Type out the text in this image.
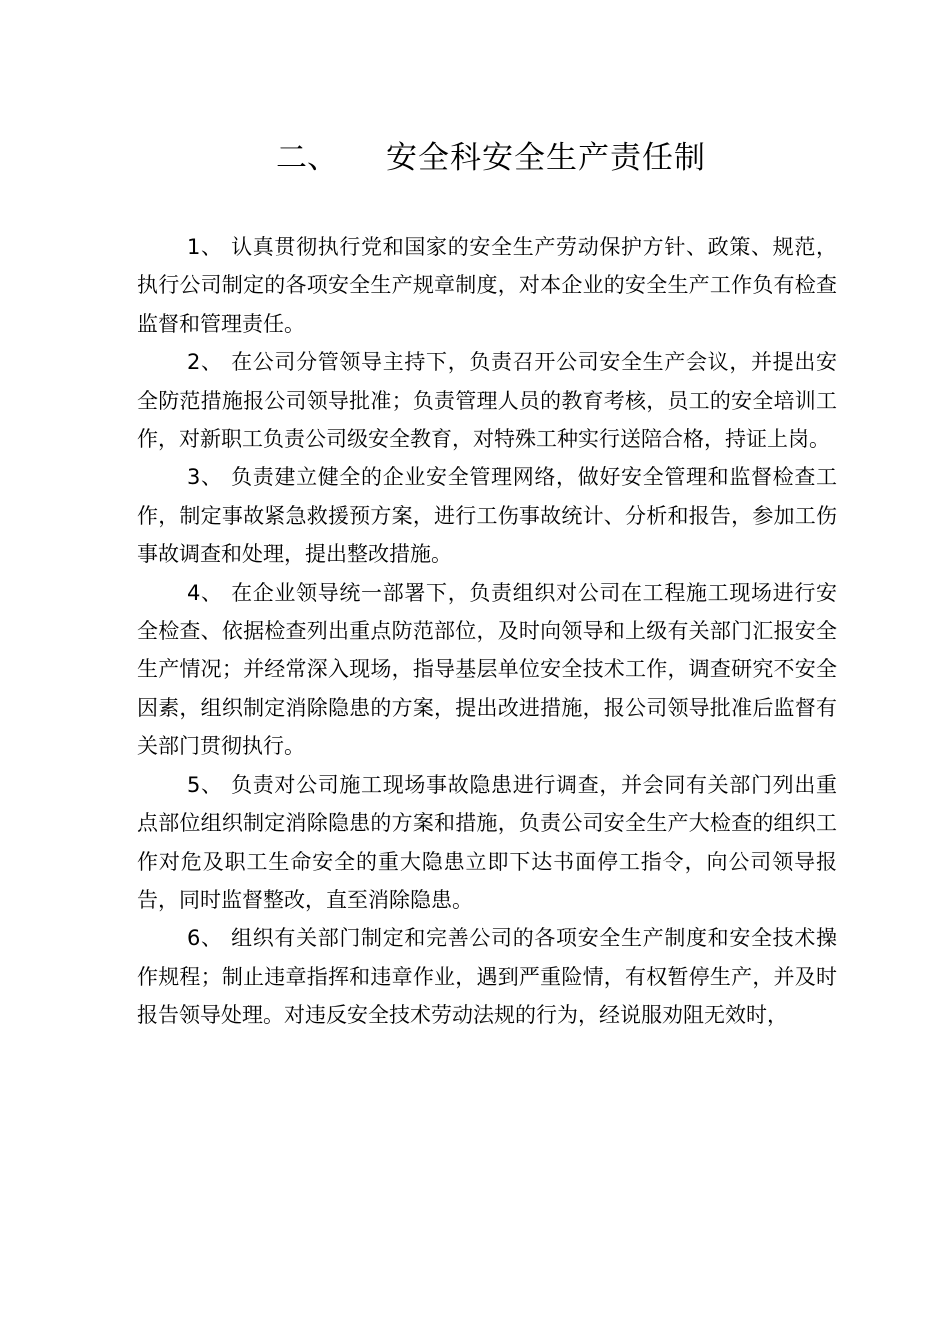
二、 安全科安全生产责任制

1、 认真贯彻执行党和国家的安全生产劳动保护方针、政策、规范，执行公司制定的各项安全生产规章制度，对本企业的安全生产工作负有检查监督和管理责任。

2、 在公司分管领导主持下，负责召开公司安全生产会议，并提出安全防范措施报公司领导批准；负责管理人员的教育考核，员工的安全培训工作，对新职工负责公司级安全教育，对特殊工种实行送陪合格，持证上岗。

3、 负责建立健全的企业安全管理网络，做好安全管理和监督检查工作，制定事故紧急救援预方案，进行工伤事故统计、分析和报告，参加工伤事故调查和处理，提出整改措施。

4、 在企业领导统一部署下，负责组织对公司在工程施工现场进行安全检查、依据检查列出重点防范部位，及时向领导和上级有关部门汇报安全生产情况；并经常深入现场，指导基层单位安全技术工作，调查研究不安全因素，组织制定消除隐患的方案，提出改进措施，报公司领导批准后监督有关部门贯彻执行。

5、 负责对公司施工现场事故隐患进行调查，并会同有关部门列出重点部位组织制定消除隐患的方案和措施，负责公司安全生产大检查的组织工作对危及职工生命安全的重大隐患立即下达书面停工指令，向公司领导报告，同时监督整改，直至消除隐患。

6、 组织有关部门制定和完善公司的各项安全生产制度和安全技术操作规程；制止违章指挥和违章作业，遇到严重险情，有权暂停生产，并及时报告领导处理。对违反安全技术劳动法规的行为，经说服劝阻无效时，
